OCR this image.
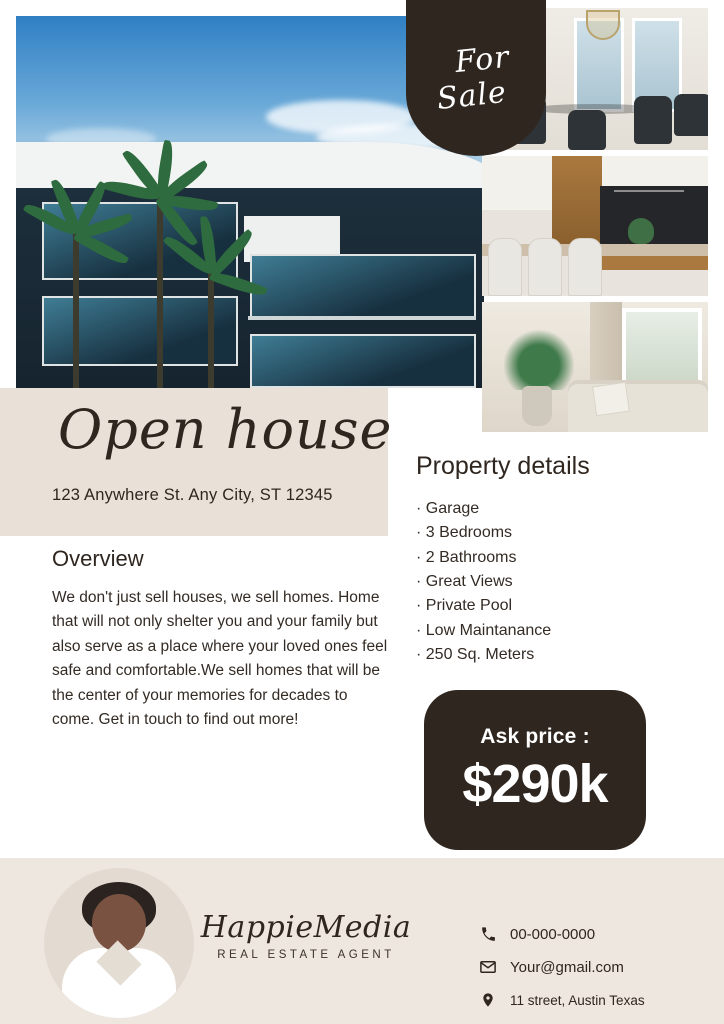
For
Sale
Open house
123 Anywhere St. Any City, ST 12345
Overview

We don't just sell houses, we sell homes. Home that will not only shelter you and your family but also serve as a place where your loved ones feel safe and comfortable.We sell homes that will be the center of your memories for decades to come. Get in touch to find out more!

Property details
· Garage
· 3 Bedrooms
· 2 Bathrooms
· Great Views
· Private Pool
· Low Maintanance
· 250 Sq. Meters
Ask price :
$290k
HappieMedia
REAL ESTATE AGENT
00-000-0000
Your@gmail.com
11 street, Austin Texas
